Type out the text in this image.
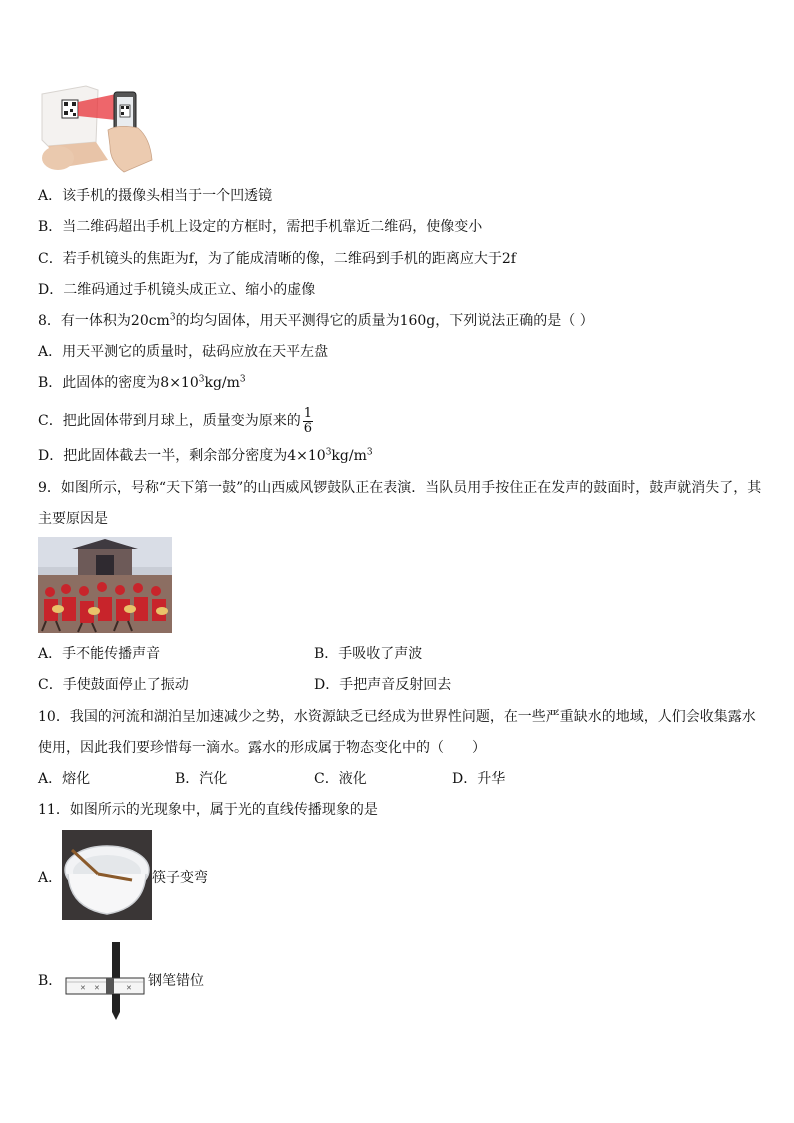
A．该手机的摄像头相当于一个凹透镜
B．当二维码超出手机上设定的方框时，需把手机靠近二维码，使像变小
C．若手机镜头的焦距为f，为了能成清晰的像，二维码到手机的距离应大于2f
D．二维码通过手机镜头成正立、缩小的虚像
8．有一体积为$20cm^3$的均匀固体，用天平测得它的质量为160g，下列说法正确的是（ ）
A．用天平测它的质量时，砝码应放在天平左盘
B．此固体的密度为$8\times 10^3kg/m^3$
C．把此固体带到月球上，质量变为原来的 $\frac{1}{6}$
D．把此固体截去一半，剩余部分密度为$4\times 10^3kg/m^3$
9．如图所示，号称“天下第一鼓”的山西威风锣鼓队正在表演．当队员用手按住正在发声的鼓面时，鼓声就消失了，其
主要原因是
A．手不能传播声音	B．手吸收了声波
C．手使鼓面停止了振动	D．手把声音反射回去
10．我国的河流和湖泊呈加速减少之势，水资源缺乏已经成为世界性问题，在一些严重缺水的地域，人们会收集露水
使用，因此我们要珍惜每一滴水。露水的形成属于物态变化中的（　　）
A．熔化	B．汽化	C．液化	D．升华
11．如图所示的光现象中，属于光的直线传播现象的是
A．	筷子变弯
B．	✕ ✕	✕ 钢笔错位
